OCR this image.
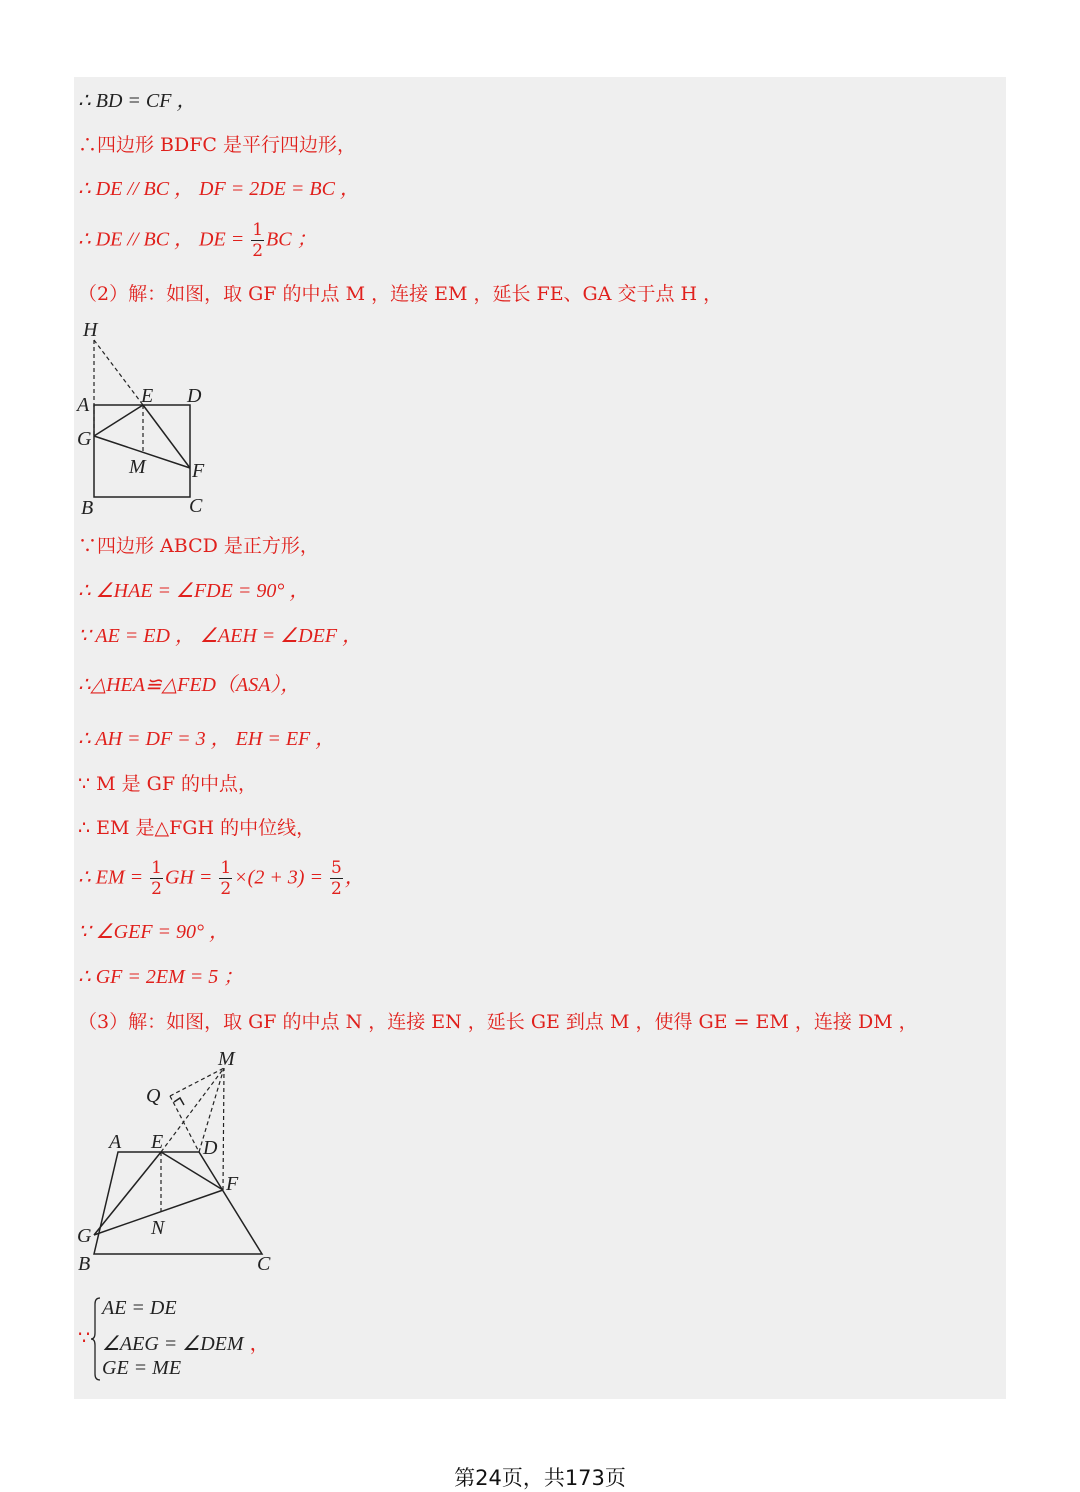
∴ BD = CF ，
∴四边形 BDFC 是平行四边形，
∴ DE // BC ， DF = 2DE = BC ，
∴ DE // BC ， DE = $\frac{1}{2}$ BC ；
（2）解：如图，取 GF 的中点 M ，连接 EM ，延长 FE、GA 交于点 H ，
H
A	E D
G
M F
B	C
∵四边形 ABCD 是正方形，
∴ ∠HAE = ∠FDE = 90° ，
∵ AE = ED ， ∠AEH = ∠DEF ，
∴△HEA≌△FED（ASA），
∴ AH = DF = 3 ， EH = EF ，
∵ M 是 GF 的中点，
∴ EM 是△FGH 的中位线，
∴ EM = $\frac{1}{2}$ GH = $\frac{1}{2} \times(2 + 3) = \frac{5}{2}$ ，
∵ ∠GEF = 90° ，
∴ GF = 2EM = 5 ；
（3）解：如图，取 GF 的中点 N ，连接 EN ，延长 GE 到点 M ，使得 GE = EM ，连接 DM ，
M
Q
A E D
F
N
G
B	C
∵
AE = DE
∠AEG = ∠DEM ，
GE = ME
第24页，共173页
